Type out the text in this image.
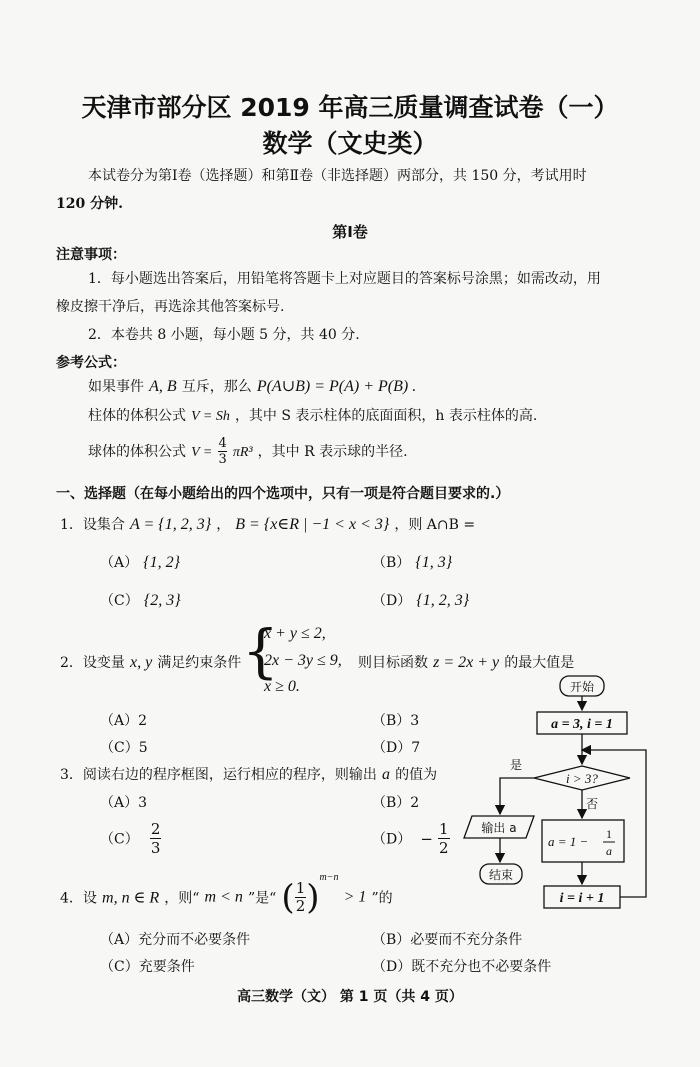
天津市部分区 2019 年高三质量调查试卷（一）
数学（文史类）
本试卷分为第Ⅰ卷（选择题）和第Ⅱ卷（非选择题）两部分，共 150 分，考试用时
120 分钟.
第Ⅰ卷
注意事项：
1．每小题选出答案后，用铅笔将答题卡上对应题目的答案标号涂黑；如需改动，用
橡皮擦干净后，再选涂其他答案标号.
2．本卷共 8 小题，每小题 5 分，共 40 分.
参考公式：
如果事件 A, B 互斥，那么 P(A∪B) = P(A) + P(B) .
柱体的体积公式 V = Sh ，其中 S 表示柱体的底面面积，h 表示柱体的高.
球体的体积公式 $V = \frac{4}{3} \pi R^3$ ，其中 R 表示球的半径.
一、选择题（在每小题给出的四个选项中，只有一项是符合题目要求的.）
1．设集合 A = {1, 2, 3} ， B = {x∈R | −1 < x < 3} ，则 A∩B =
（A） {1, 2}	（B） {1, 3}
（C） {2, 3}	（D） {1, 2, 3}
2．设变量 x, y 满足约束条件 {
x + y ≤ 2,
2x − 3y ≤ 9,
x ≥ 0.
则目标函数 z = 2x + y 的最大值是
（A）2	（B）3
（C）5	（D）7
3．阅读右边的程序框图，运行相应的程序，则输出 a 的值为
（A）3	（B）2
$(C) \frac{2}{3}$	$(D) - \frac{1}{2}$
4．设 m, n ∈ R ，则“ m < n ”是“ ( $\frac{1}{2} )^{m-n} > 1$ ”的
（A）充分而不必要条件	（B）必要而不充分条件
（C）充要条件	（D）既不充分也不必要条件
高三数学（文） 第 1 页（共 4 页）
开始
a = 3, i = 1
i > 3?
是
否
输出 a
结束
a = 1 − 1
a
i = i + 1
